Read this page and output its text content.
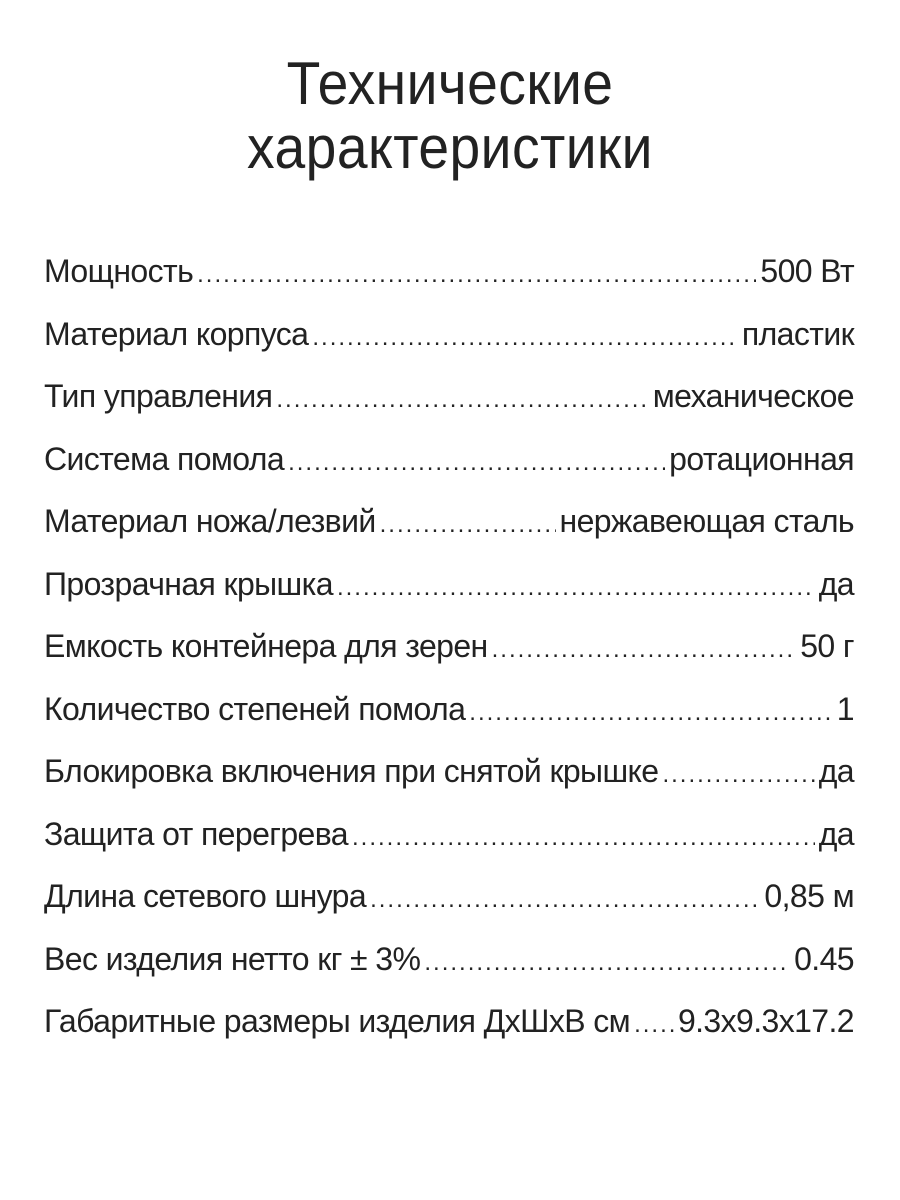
Технические
характеристики
Мощность .....	500 Вт
Материал корпуса .....	пластик
Тип управления .....	механическое
Система помола .....	ротационная
Материал ножа/лезвий .....	нержавеющая сталь
Прозрачная крышка .....	да
Емкость контейнера для зерен .....	50 г
Количество степеней помола .....	1
Блокировка включения при снятой крышке .....	да
Защита от перегрева .....	да
Длина сетевого шнура .....	0,85 м
Вес изделия нетто кг ± 3% .....	0.45
Габаритные размеры изделия ДхШхВ см ..... 9.3x9.3x17.2
